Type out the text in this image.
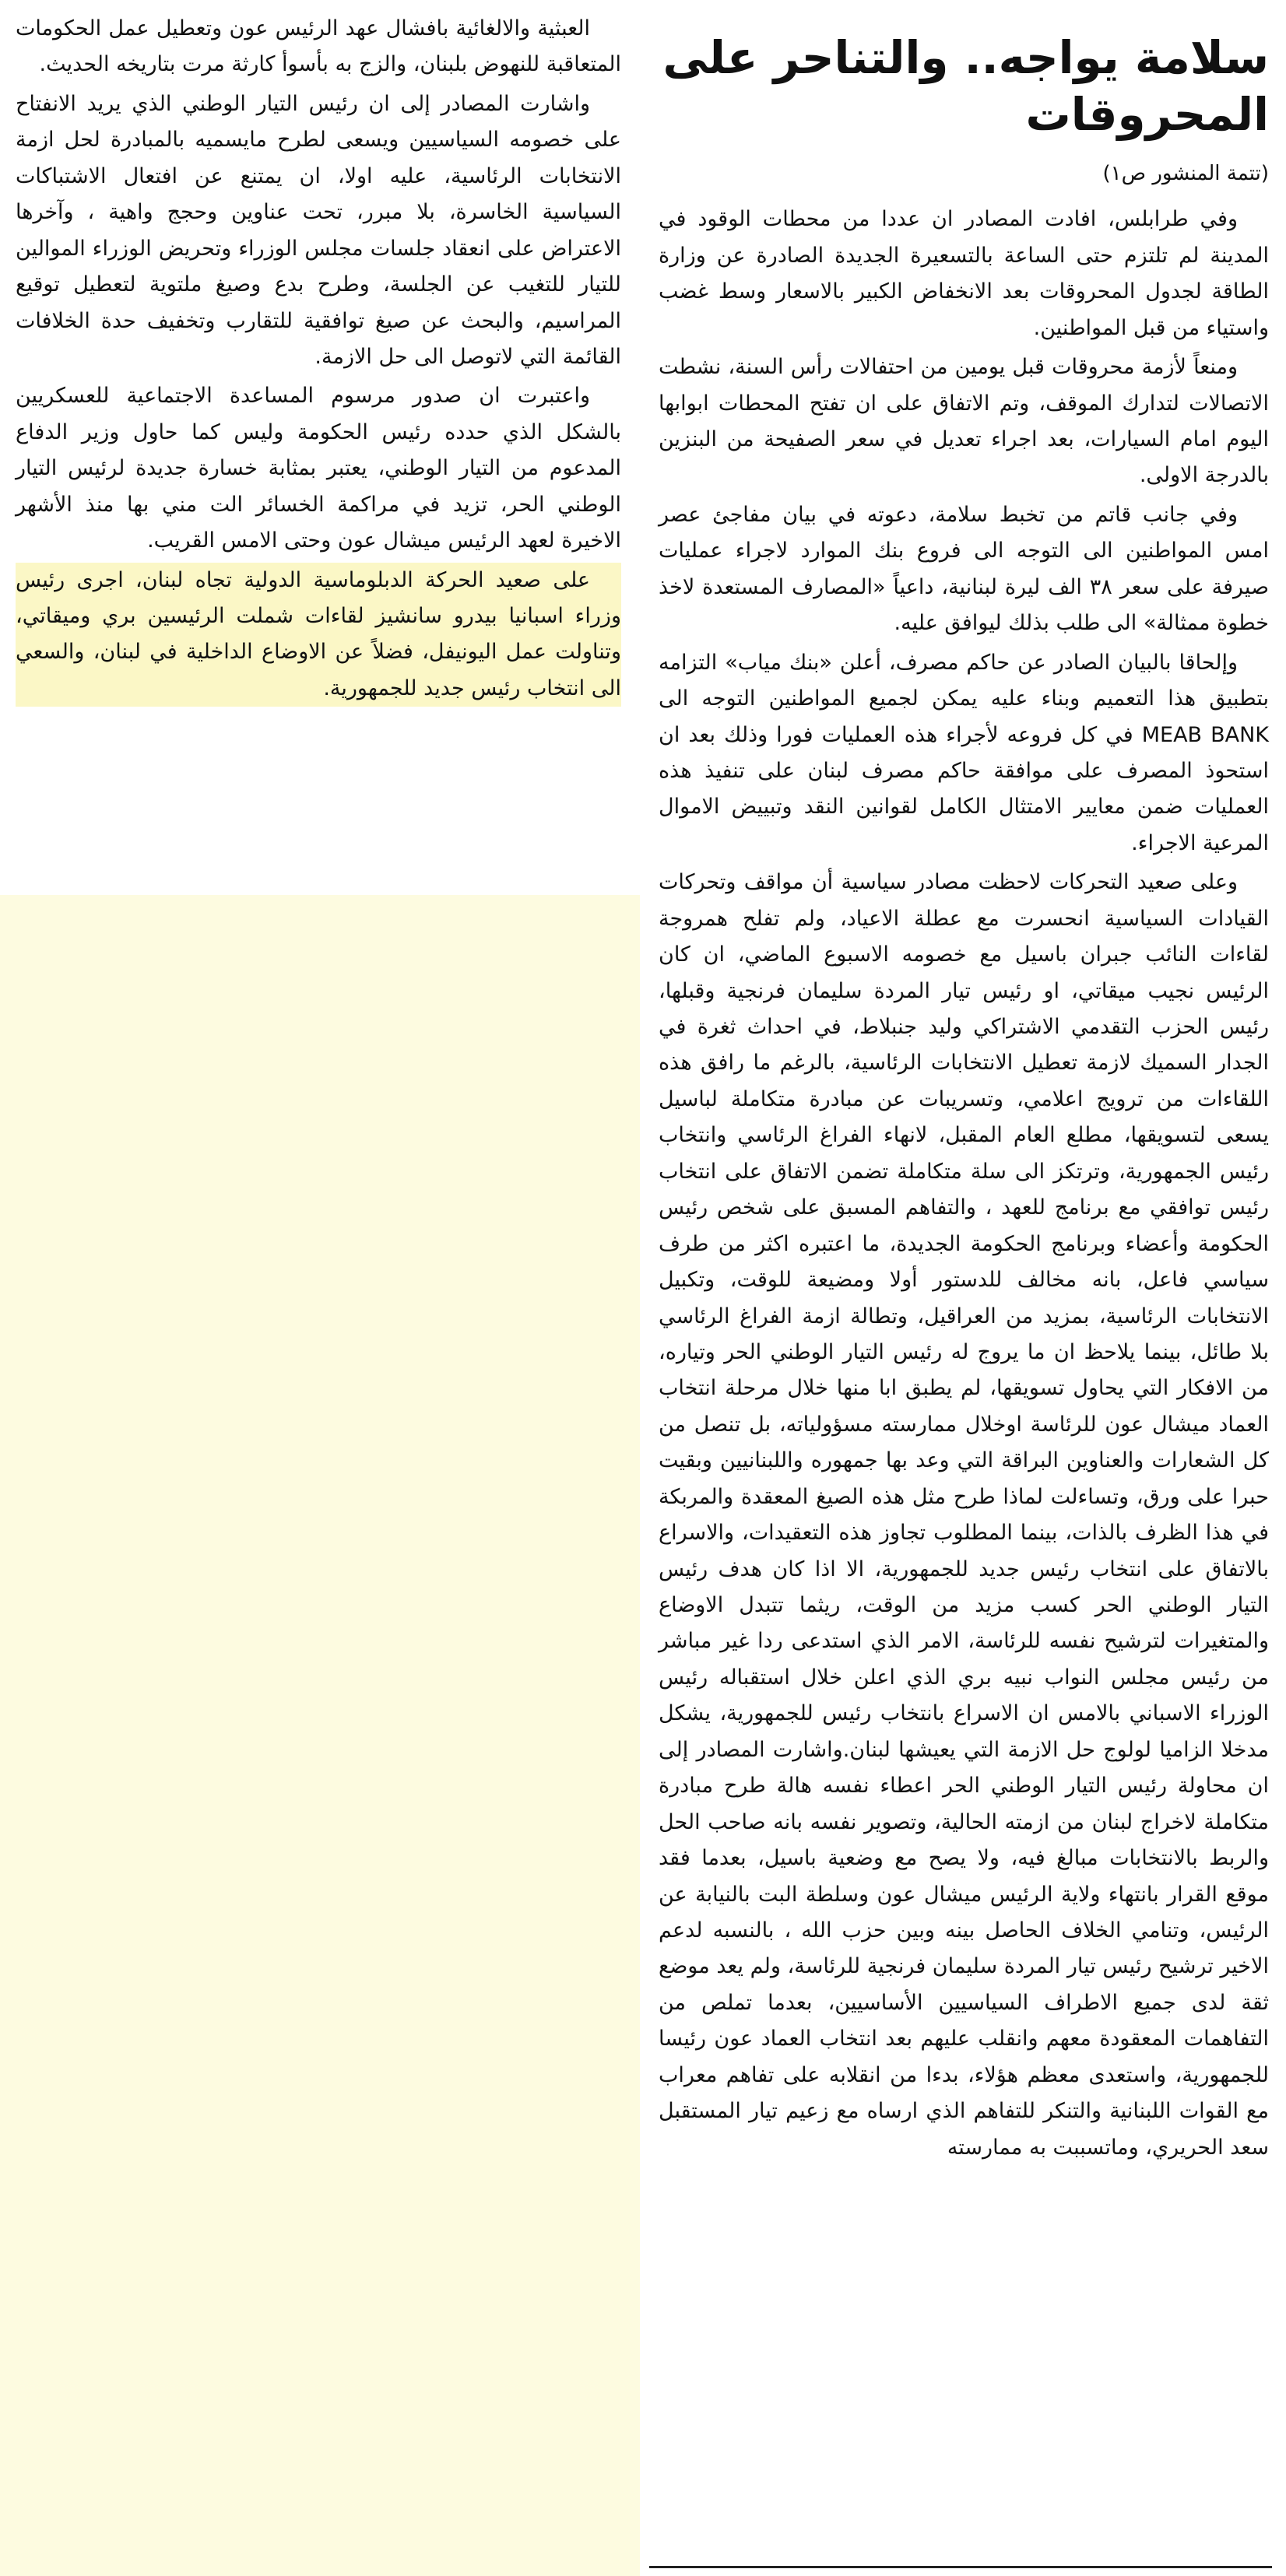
العبثية والالغائية بافشال عهد الرئيس عون وتعطيل عمل الحكومات المتعاقبة للنهوض بلبنان، والزج به بأسوأ كارثة مرت بتاريخه الحديث.

واشارت المصادر إلى ان رئيس التيار الوطني الذي يريد الانفتاح على خصومه السياسيين ويسعى لطرح مايسميه بالمبادرة لحل ازمة الانتخابات الرئاسية، عليه اولا، ان يمتنع عن افتعال الاشتباكات السياسية الخاسرة، بلا مبرر، تحت عناوين وحجج واهية ، وآخرها الاعتراض على انعقاد جلسات مجلس الوزراء وتحريض الوزراء الموالين للتيار للتغيب عن الجلسة، وطرح بدع وصيغ ملتوية لتعطيل توقيع المراسيم، والبحث عن صيغ توافقية للتقارب وتخفيف حدة الخلافات القائمة التي لاتوصل الى حل الازمة.

واعتبرت ان صدور مرسوم المساعدة الاجتماعية للعسكريين بالشكل الذي حدده رئيس الحكومة وليس كما حاول وزير الدفاع المدعوم من التيار الوطني، يعتبر بمثابة خسارة جديدة لرئيس التيار الوطني الحر، تزيد في مراكمة الخسائر الت مني بها منذ الأشهر الاخيرة لعهد الرئيس ميشال عون وحتى الامس القريب.

على صعيد الحركة الدبلوماسية الدولية تجاه لبنان، اجرى رئيس وزراء اسبانيا بيدرو سانشيز لقاءات شملت الرئيسين بري وميقاتي، وتناولت عمل اليونيفل، فضلاً عن الاوضاع الداخلية في لبنان، والسعي الى انتخاب رئيس جديد للجمهورية.

سلامة يواجه.. والتناحر على المحروقات
(تتمة المنشور ص١)

وفي طرابلس، افادت المصادر ان عددا من محطات الوقود في المدينة لم تلتزم حتى الساعة بالتسعيرة الجديدة الصادرة عن وزارة الطاقة لجدول المحروقات بعد الانخفاض الكبير بالاسعار وسط غضب واستياء من قبل المواطنين.

ومنعاً لأزمة محروقات قبل يومين من احتفالات رأس السنة، نشطت الاتصالات لتدارك الموقف، وتم الاتفاق على ان تفتح المحطات ابوابها اليوم امام السيارات، بعد اجراء تعديل في سعر الصفيحة من البنزين بالدرجة الاولى.

وفي جانب قاتم من تخبط سلامة، دعوته في بيان مفاجئ عصر امس المواطنين الى التوجه الى فروع بنك الموارد لاجراء عمليات صيرفة على سعر ٣٨ الف ليرة لبنانية، داعياً «المصارف المستعدة لاخذ خطوة ممثالة» الى طلب بذلك ليوافق عليه.

وإلحاقا بالبيان الصادر عن حاكم مصرف، أعلن «بنك مياب» التزامه بتطبيق هذا التعميم وبناء عليه يمكن لجميع المواطنين التوجه الى MEAB BANK في كل فروعه لأجراء هذه العمليات فورا وذلك بعد ان استحوذ المصرف على موافقة حاكم مصرف لبنان على تنفيذ هذه العمليات ضمن معايير الامتثال الكامل لقوانين النقد وتبييض الاموال المرعية الاجراء.

وعلى صعيد التحركات لاحظت مصادر سياسية أن مواقف وتحركات القيادات السياسية انحسرت مع عطلة الاعياد، ولم تفلح همروجة لقاءات النائب جبران باسيل مع خصومه الاسبوع الماضي، ان كان الرئيس نجيب ميقاتي، او رئيس تيار المردة سليمان فرنجية وقبلها، رئيس الحزب التقدمي الاشتراكي وليد جنبلاط، في احداث ثغرة في الجدار السميك لازمة تعطيل الانتخابات الرئاسية، بالرغم ما رافق هذه اللقاءات من ترويج اعلامي، وتسريبات عن مبادرة متكاملة لباسيل يسعى لتسويقها، مطلع العام المقبل، لانهاء الفراغ الرئاسي وانتخاب رئيس الجمهورية، وترتكز الى سلة متكاملة تضمن الاتفاق على انتخاب رئيس توافقي مع برنامج للعهد ، والتفاهم المسبق على شخص رئيس الحكومة وأعضاء وبرنامج الحكومة الجديدة، ما اعتبره اكثر من طرف سياسي فاعل، بانه مخالف للدستور أولا ومضيعة للوقت، وتكبيل الانتخابات الرئاسية، بمزيد من العراقيل، وتطالة ازمة الفراغ الرئاسي بلا طائل، بينما يلاحظ ان ما يروج له رئيس التيار الوطني الحر وتياره، من الافكار التي يحاول تسويقها، لم يطبق ابا منها خلال مرحلة انتخاب العماد ميشال عون للرئاسة اوخلال ممارسته مسؤولياته، بل تنصل من كل الشعارات والعناوين البراقة التي وعد بها جمهوره واللبنانيين وبقيت حبرا على ورق، وتساءلت لماذا طرح مثل هذه الصيغ المعقدة والمربكة في هذا الظرف بالذات، بينما المطلوب تجاوز هذه التعقيدات، والاسراع بالاتفاق على انتخاب رئيس جديد للجمهورية، الا اذا كان هدف رئيس التيار الوطني الحر كسب مزيد من الوقت، ريثما تتبدل الاوضاع والمتغيرات لترشيح نفسه للرئاسة، الامر الذي استدعى ردا غير مباشر من رئيس مجلس النواب نبيه بري الذي اعلن خلال استقباله رئيس الوزراء الاسباني بالامس ان الاسراع بانتخاب رئيس للجمهورية، يشكل مدخلا الزاميا لولوج حل الازمة التي يعيشها لبنان.واشارت المصادر إلى ان محاولة رئيس التيار الوطني الحر اعطاء نفسه هالة طرح مبادرة متكاملة لاخراج لبنان من ازمته الحالية، وتصوير نفسه بانه صاحب الحل والربط بالانتخابات مبالغ فيه، ولا يصح مع وضعية باسيل، بعدما فقد موقع القرار بانتهاء ولاية الرئيس ميشال عون وسلطة البت بالنيابة عن الرئيس، وتنامي الخلاف الحاصل بينه وبين حزب الله ، بالنسبه لدعم الاخير ترشيح رئيس تيار المردة سليمان فرنجية للرئاسة، ولم يعد موضع ثقة لدى جميع الاطراف السياسيين الأساسيين، بعدما تملص من التفاهمات المعقودة معهم وانقلب عليهم بعد انتخاب العماد عون رئيسا للجمهورية، واستعدى معظم هؤلاء، بدءا من انقلابه على تفاهم معراب مع القوات اللبنانية والتنكر للتفاهم الذي ارساه مع زعيم تيار المستقبل سعد الحريري، وماتسببت به ممارسته
